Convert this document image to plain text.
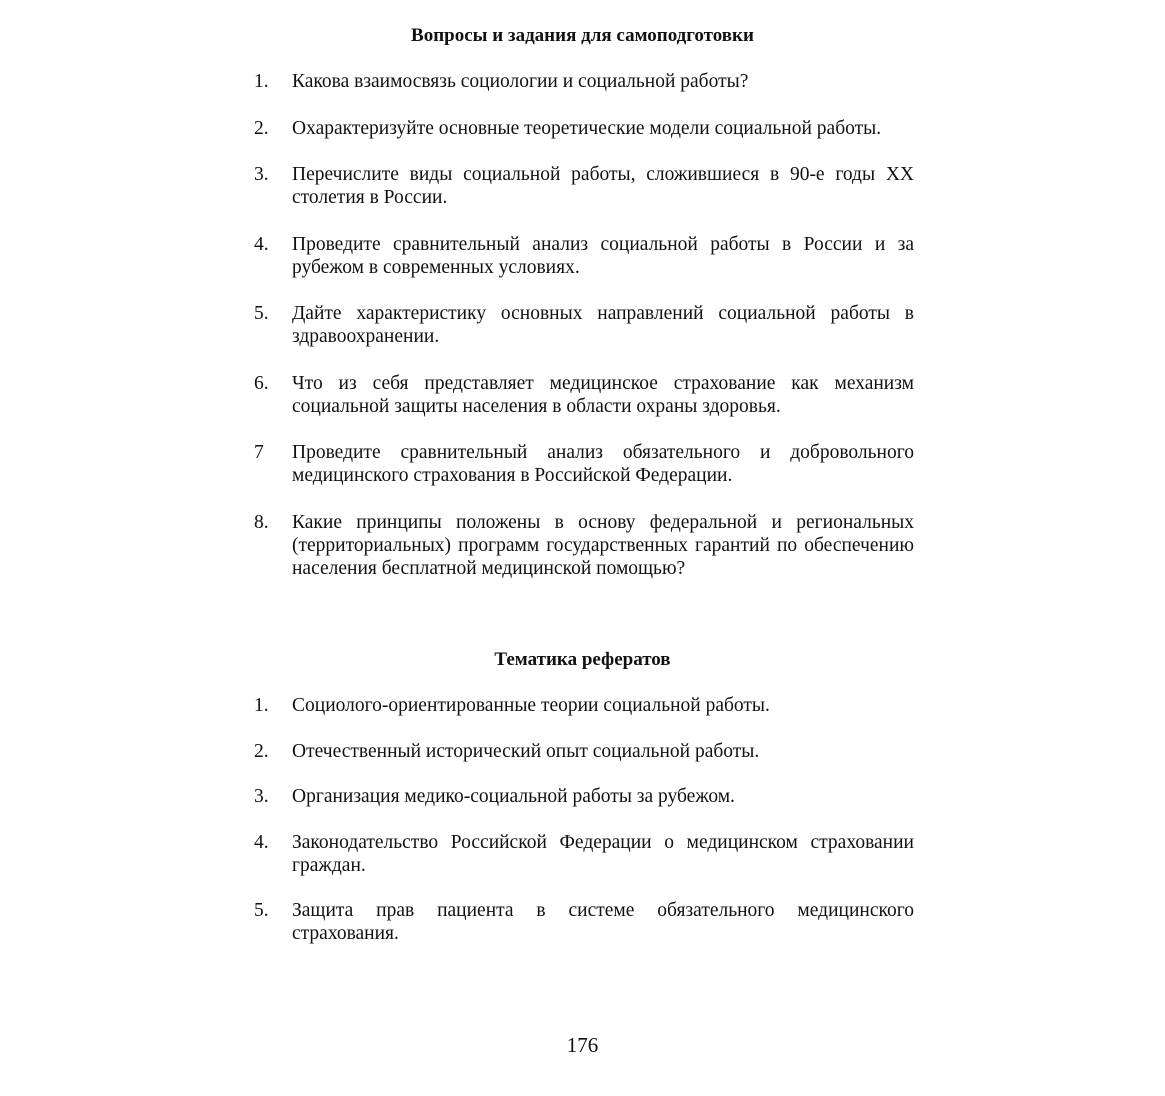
Вопросы и задания для самоподготовки
1.	Какова взаимосвязь социологии и социальной работы?
2.	Охарактеризуйте основные теоретические модели социальной работы.
3.	Перечислите виды социальной работы, сложившиеся в 90-е годы XX столетия в России.
4.	Проведите сравнительный анализ социальной работы в России и за рубежом в современных условиях.
5.	Дайте характеристику основных направлений социальной работы в здравоохранении.
6.	Что из себя представляет медицинское страхование как механизм социальной защиты населения в области охраны здоровья.
7	Проведите сравнительный анализ обязательного и добровольного медицинского страхования в Российской Федерации.
8.	Какие принципы положены в основу федеральной и региональных (территориальных) программ государственных гарантий по обеспечению населения бесплатной медицинской помощью?
Тематика рефератов
1.	Социолого-ориентированные теории социальной работы.
2.	Отечественный исторический опыт социальной работы.
3.	Организация медико-социальной работы за рубежом.
4.	Законодательство Российской Федерации о медицинском страховании граждан.
5.	Защита прав пациента в системе обязательного медицинского страхования.
176
